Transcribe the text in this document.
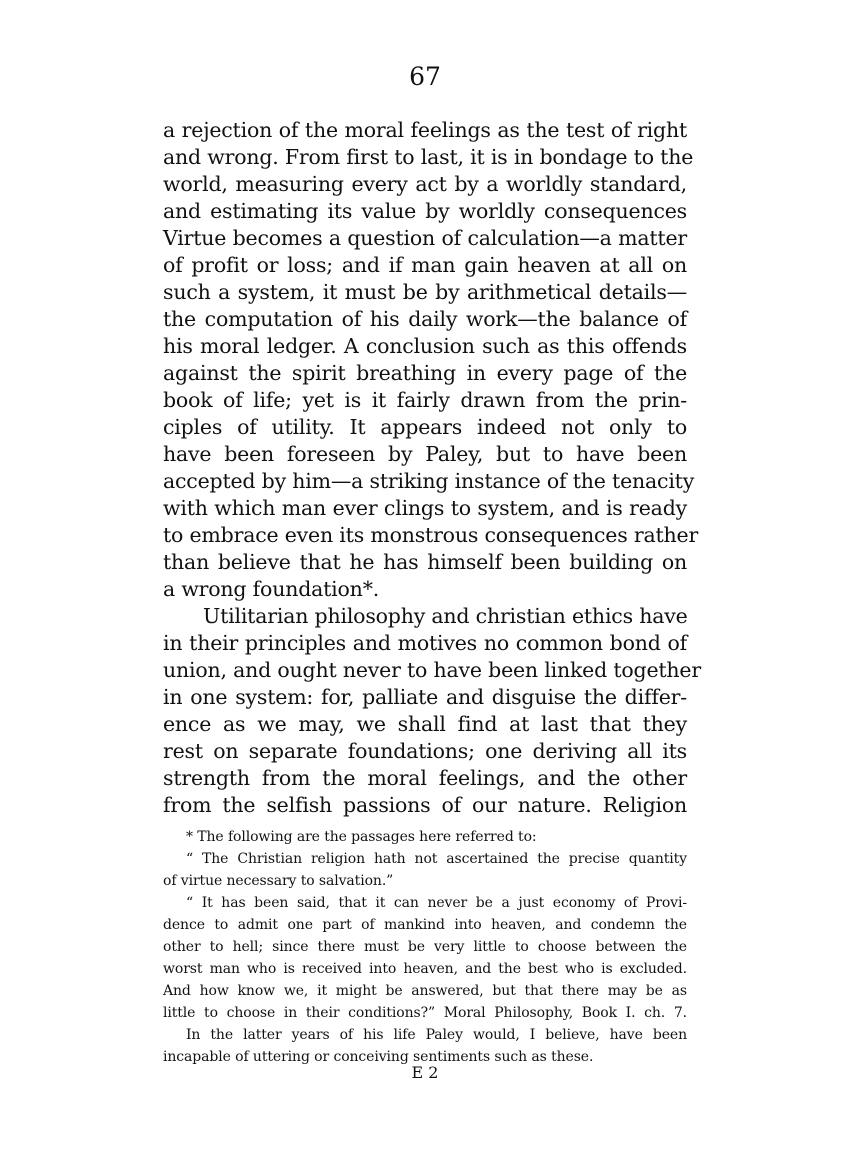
67
a rejection of the moral feelings as the test of right
and wrong. From first to last, it is in bondage to the
world, measuring every act by a worldly standard,
and estimating its value by worldly consequences
Virtue becomes a question of calculation—a matter
of profit or loss; and if man gain heaven at all on
such a system, it must be by arithmetical details—
the computation of his daily work—the balance of
his moral ledger. A conclusion such as this offends
against the spirit breathing in every page of the
book of life; yet is it fairly drawn from the prin-
ciples of utility. It appears indeed not only to
have been foreseen by Paley, but to have been
accepted by him—a striking instance of the tenacity
with which man ever clings to system, and is ready
to embrace even its monstrous consequences rather
than believe that he has himself been building on
a wrong foundation*.
Utilitarian philosophy and christian ethics have
in their principles and motives no common bond of
union, and ought never to have been linked together
in one system: for, palliate and disguise the differ-
ence as we may, we shall find at last that they
rest on separate foundations; one deriving all its
strength from the moral feelings, and the other
from the selfish passions of our nature. Religion
* The following are the passages here referred to:
“ The Christian religion hath not ascertained the precise quantity
of virtue necessary to salvation.”
“ It has been said, that it can never be a just economy of Provi-
dence to admit one part of mankind into heaven, and condemn the
other to hell; since there must be very little to choose between the
worst man who is received into heaven, and the best who is excluded.
And how know we, it might be answered, but that there may be as
little to choose in their conditions?” Moral Philosophy, Book I. ch. 7.
In the latter years of his life Paley would, I believe, have been
incapable of uttering or conceiving sentiments such as these.
E 2
